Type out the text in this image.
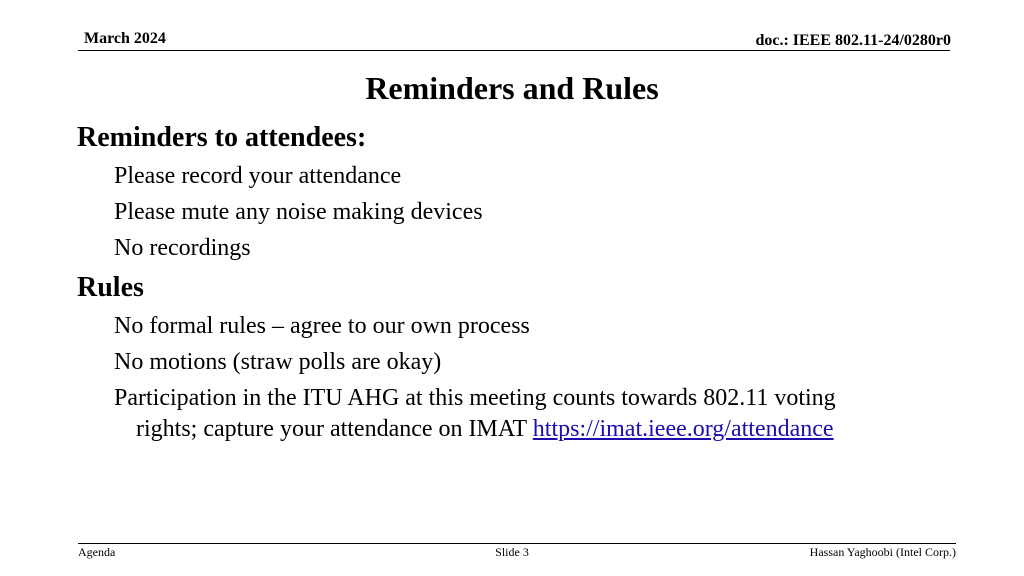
March 2024	doc.: IEEE 802.11-24/0280r0
Reminders and Rules
Reminders to attendees:
Please record your attendance
Please mute any noise making devices
No recordings
Rules
No formal rules – agree to our own process
No motions (straw polls are okay)
Participation in the ITU AHG at this meeting counts towards 802.11 voting
rights; capture your attendance on IMAT https://imat.ieee.org/attendance
Agenda	Slide 3	Hassan Yaghoobi (Intel Corp.)
